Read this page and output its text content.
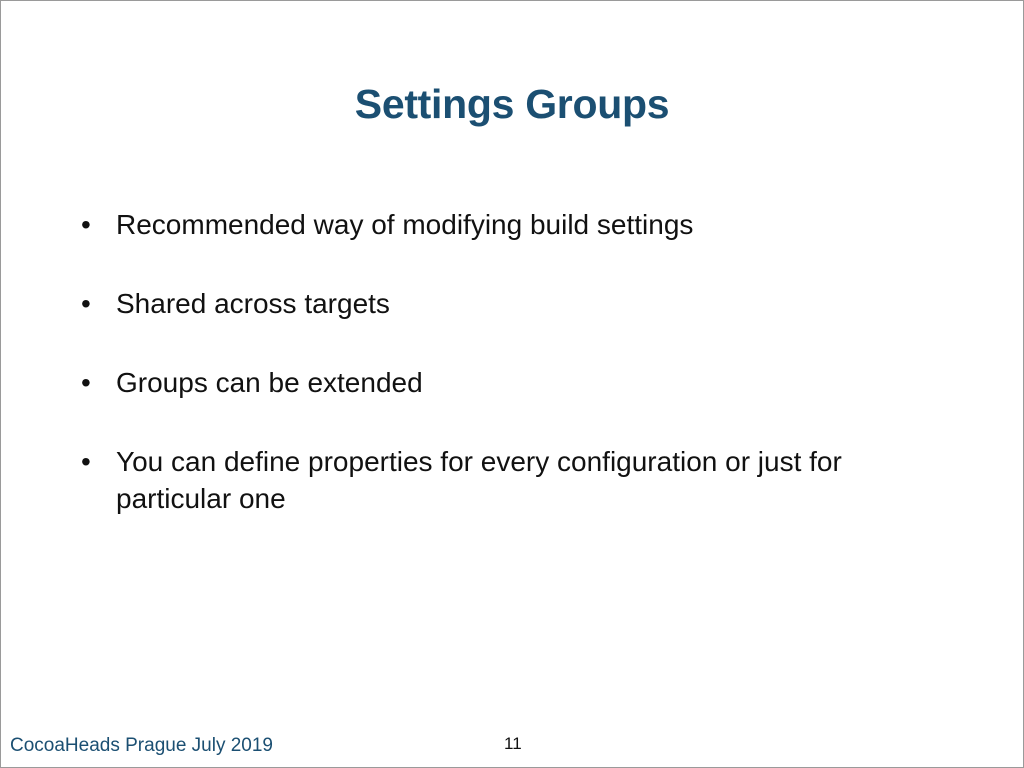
Settings Groups
• Recommended way of modifying build settings
• Shared across targets
• Groups can be extended
• You can define properties for every configuration or just for particular one
CocoaHeads Prague July 2019	11
